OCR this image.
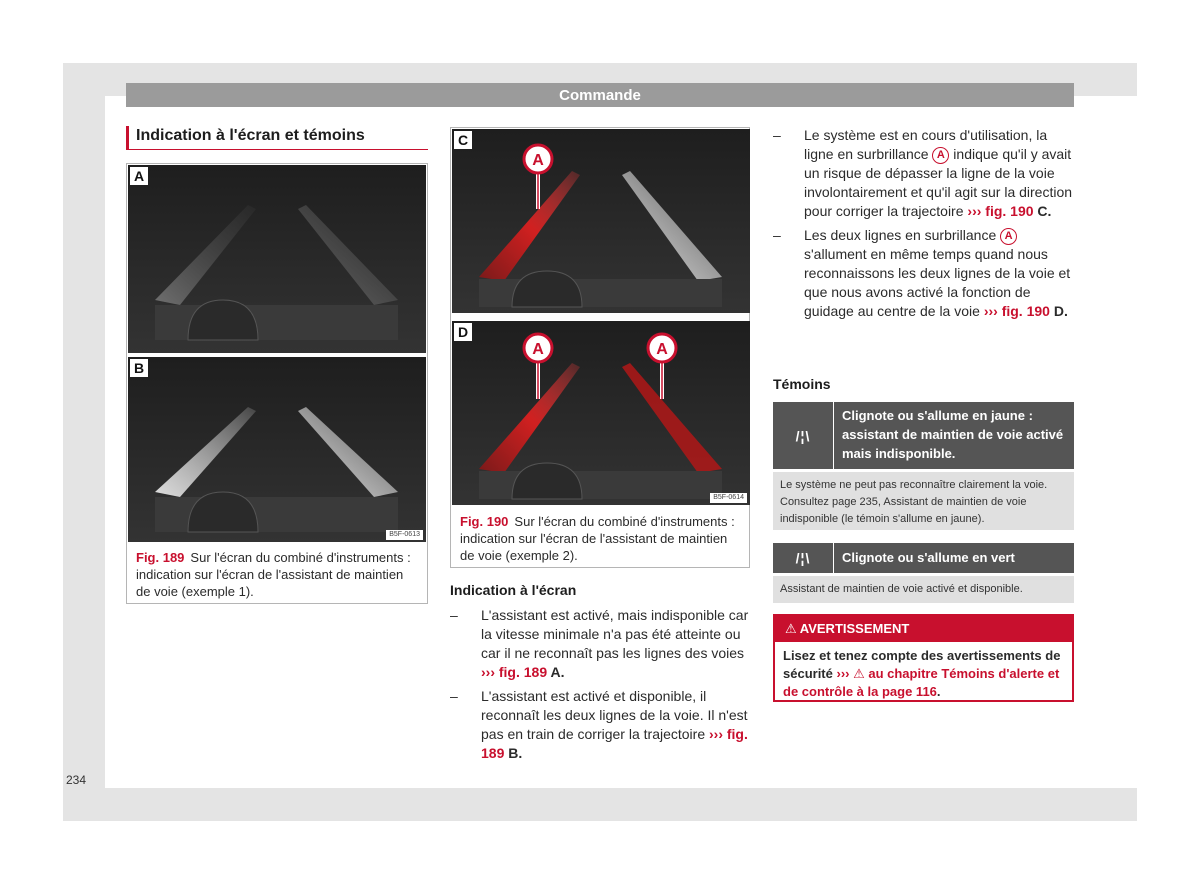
Commande
Indication à l'écran et témoins
A
B
B5F-0613
Fig. 189 Sur l'écran du combiné d'instruments : indication sur l'écran de l'assistant de maintien de voie (exemple 1).
A
C
A	A
D
B5F-0614
Fig. 190 Sur l'écran du combiné d'instruments : indication sur l'écran de l'assistant de maintien de voie (exemple 2).
Indication à l'écran
– L'assistant est activé, mais indisponible car la vitesse minimale n'a pas été atteinte ou car il ne reconnaît pas les lignes des voies ››› fig. 189 A.
– L'assistant est activé et disponible, il reconnaît les deux lignes de la voie. Il n'est pas en train de corriger la trajectoire ››› fig. 189 B.
– Le système est en cours d'utilisation, la ligne en surbrillance A indique qu'il y avait un risque de dépasser la ligne de la voie involontairement et qu'il agit sur la direction pour corriger la trajectoire ››› fig. 190 C.
– Les deux lignes en surbrillance A s'allument en même temps quand nous reconnaissons les deux lignes de la voie et que nous avons activé la fonction de guidage au centre de la voie ››› fig. 190 D.
Témoins
/¦\
Clignote ou s'allume en jaune : assistant de maintien de voie activé mais indisponible.
Le système ne peut pas reconnaître clairement la voie. Consultez page 235, Assistant de maintien de voie indisponible (le témoin s'allume en jaune).
/¦\	Clignote ou s'allume en vert
Assistant de maintien de voie activé et disponible.
⚠ AVERTISSEMENT
Lisez et tenez compte des avertissements de sécurité ››› ⚠ au chapitre Témoins d'alerte et de contrôle à la page 116.
234
